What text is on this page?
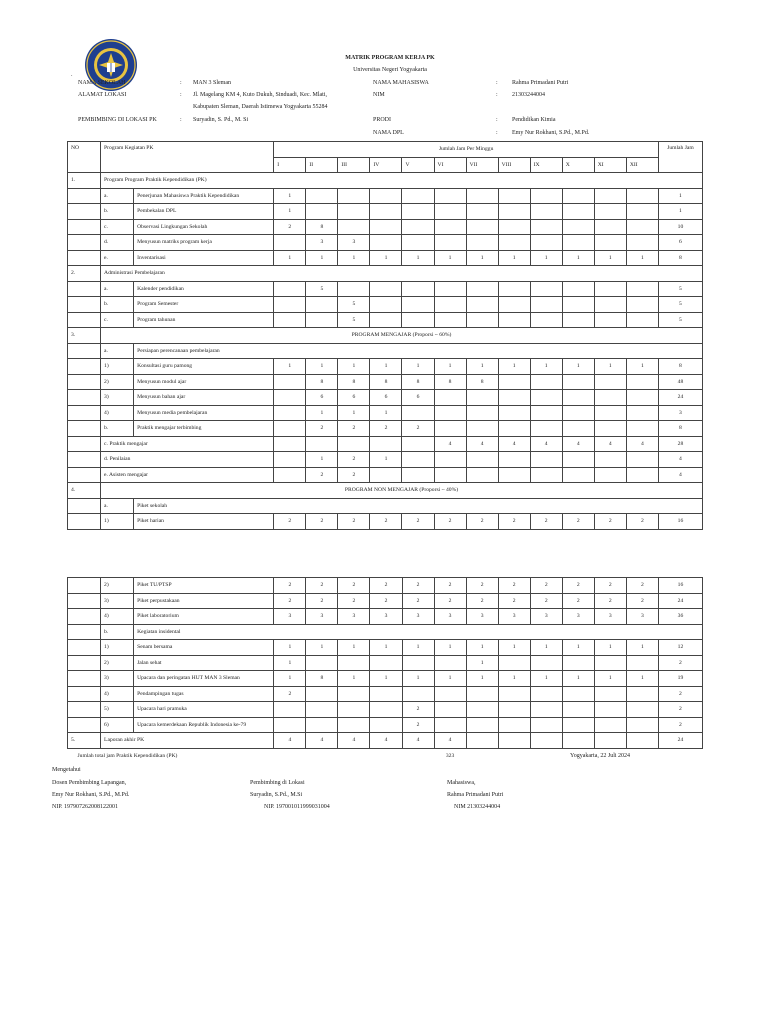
.
MATRIK PROGRAM KERJA PK
Universitas Negeri Yogyakarta
NAMA SEKOLAH	: MAN 3 Sleman
ALAMAT LOKASI	: Jl. Magelang KM 4, Kuto Dukuh, Sinduadi, Kec. Mlati,
Kabupaten Sleman, Daerah Istimewa Yogyakarta 55284
PEMBIMBING DI LOKASI PK	: Suryadin, S. Pd., M. Si
NAMA MAHASISWA	: Rahma Primadani Putri
NIM	: 21303244004
PRODI	: Pendidikan Kimia
NAMA DPL	: Emy Nur Rokhani, S.Pd., M.Pd.
NO	Program Kegiatan PK		Jumlah Jam Per Minggu												Jumlah Jam
			I	II	III	IV	V	VI	VII	VIII	IX	X	XI	XII	
1.	Program Program Praktik Kependidikan (PK)														
	a.	Penerjunan Mahasiswa Praktik Kependidikan	1												1
	b.	Pembekalan DPL	1												1
	c.	Observasi Lingkungan Sekolah	2	8											10
	d.	Menyusun matriks program kerja		3	3										6
	e.	Inventarisasi	1	1	1	1	1	1	1	1	1	1	1	1	8
2.	Administrasi Pembelajaran														
	a.	Kalender pendidikan		5											5
	b.	Program Semester			5										5
	c.	Program tahunan			5										5
3.	PROGRAM MENGAJAR (Proporsi ~ 60%)														
	a.	Persiapan perencanaan pembelajaran													
	1)	Konsultasi guru pamong	1	1	1	1	1	1	1	1	1	1	1	1	8
	2)	Menyusun modul ajar		8	8	8	8	8	8						48
	3)	Menyusun bahan ajar		6	6	6	6								24
	4)	Menyusun media pembelajaran		1	1	1									3
	b.	Praktik mengajar terbimbing		2	2	2	2								8
	c. Praktik mengajar							4	4	4	4	4	4	4	28
	d. Penilaian			1	2	1									4
	e. Asisten mengajar			2	2										4
4.	PROGRAM NON MENGAJAR (Proporsi ~ 40%)														
	a.	Piket sekolah													
	1)	Piket harian	2	2	2	2	2	2	2	2	2	2	2	2	16
	2)	Piket TU/PTSP	2	2	2	2	2	2	2	2	2	2	2	2	16
	3)	Piket perpustakaan	2	2	2	2	2	2	2	2	2	2	2	2	24
	4)	Piket laboratorium	3	3	3	3	3	3	3	3	3	3	3	3	36
	b.	Kegiatan insidental													
	1)	Senam bersama	1	1	1	1	1	1	1	1	1	1	1	1	12
	2)	Jalan sehat	1						1						2
	3)	Upacara dan peringatan HUT MAN 3 Sleman	1	8	1	1	1	1	1	1	1	1	1	1	19
	4)	Pendampingan tugas	2												2
	5)	Upacara hari pramuka					2								2
	6)	Upacara kemerdekaan Republik Indonesia ke-79					2								2
5.	Laporan akhir PK		4	4	4	4	4	4							24
Jumlah total jam Praktik Kependidikan (PK)								323								Yogyakarta, 22 Juli 2024
Mengetahui
Dosen Pembimbing Lapangan,
Emy Nur Rokhani, S.Pd., M.Pd.
NIP. 197907262008122001
Pembimbing di Lokasi
Suryadin, S.Pd., M.Si
NIP. 197001011999031004
Mahasiswa,
Rahma Primadani Putri
NIM 21303244004
